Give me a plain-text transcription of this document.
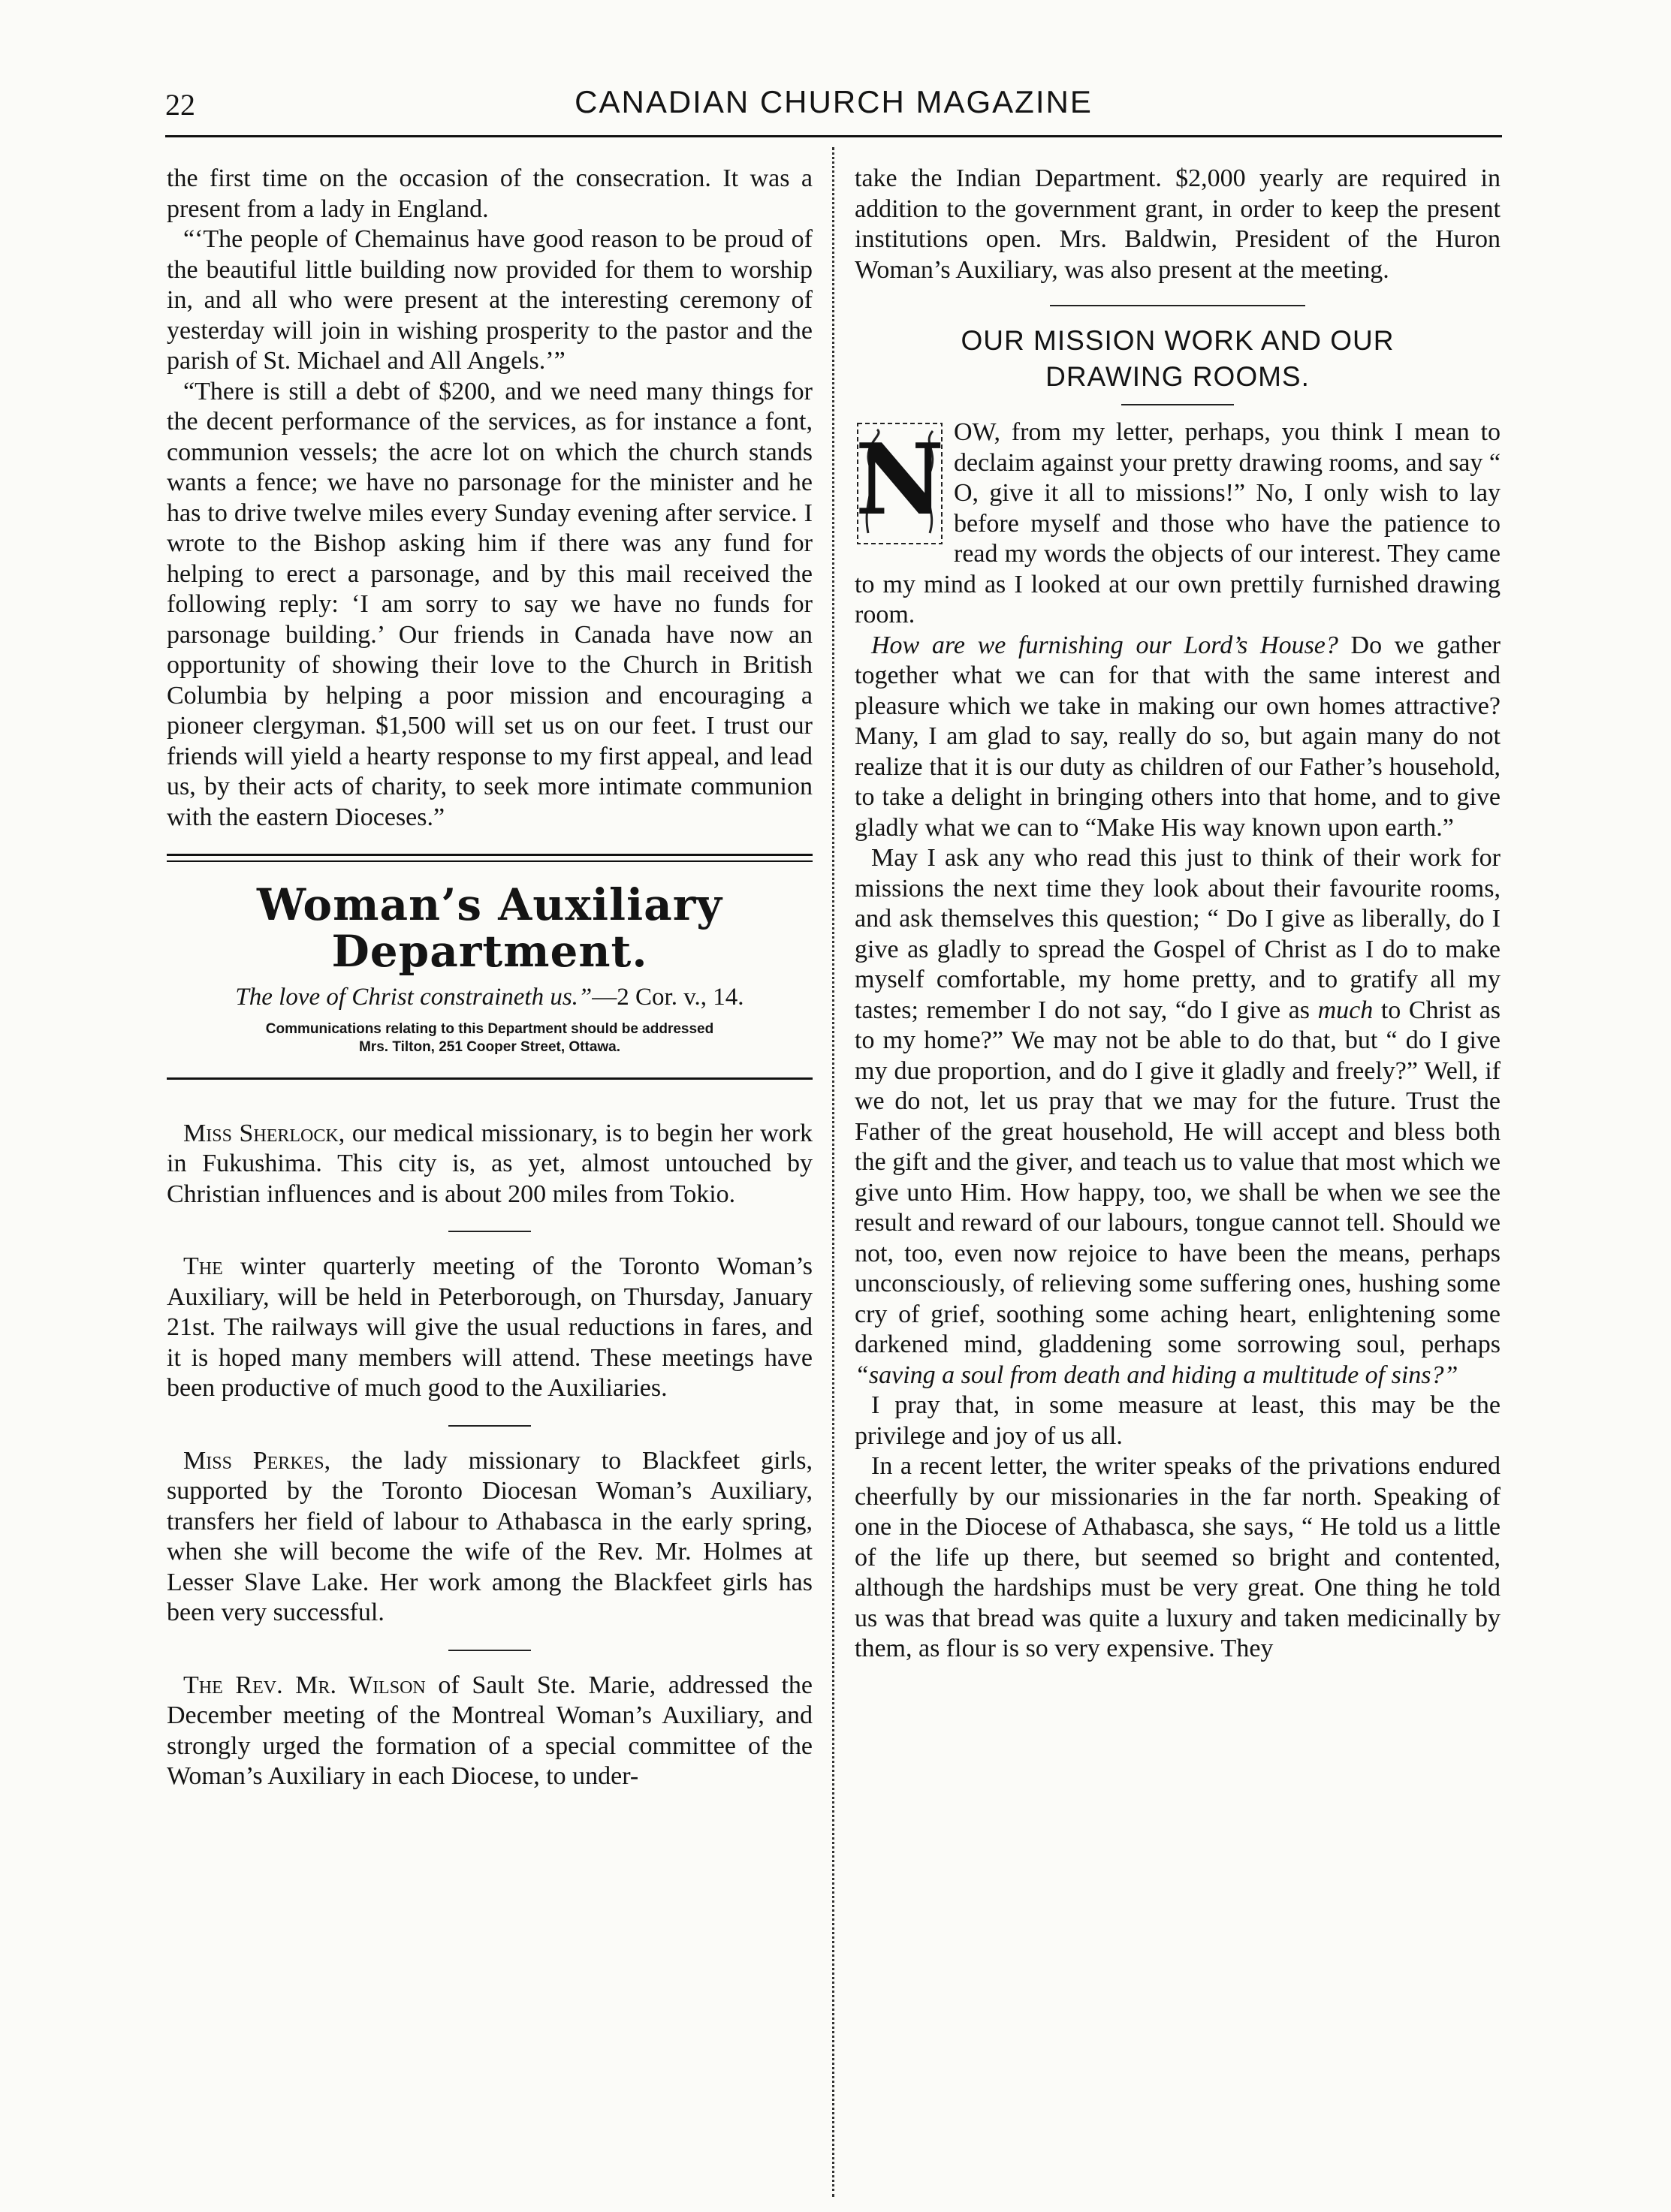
22	CANADIAN CHURCH MAGAZINE

the first time on the occasion of the consecration. It was a present from a lady in England.

“‘The people of Chemainus have good reason to be proud of the beautiful little building now provided for them to worship in, and all who were present at the interesting ceremony of yesterday will join in wishing prosperity to the pastor and the parish of St. Michael and All Angels.’”

“There is still a debt of $200, and we need many things for the decent performance of the services, as for instance a font, communion vessels; the acre lot on which the church stands wants a fence; we have no parsonage for the minister and he has to drive twelve miles every Sunday evening after service. I wrote to the Bishop asking him if there was any fund for helping to erect a parsonage, and by this mail received the following reply: ‘I am sorry to say we have no funds for parsonage building.’ Our friends in Canada have now an opportunity of showing their love to the Church in British Columbia by helping a poor mission and encouraging a pioneer clergyman. $1,500 will set us on our feet. I trust our friends will yield a hearty response to my first appeal, and lead us, by their acts of charity, to seek more intimate communion with the eastern Dioceses.”

Woman’s Auxiliary Department.
The love of Christ constraineth us.”—2 Cor. v., 14.
Communications relating to this Department should be addressed
Mrs. Tilton, 251 Cooper Street, Ottawa.

Miss Sherlock, our medical missionary, is to begin her work in Fukushima. This city is, as yet, almost untouched by Christian influences and is about 200 miles from Tokio.

The winter quarterly meeting of the Toronto Woman’s Auxiliary, will be held in Peterborough, on Thursday, January 21st. The railways will give the usual reductions in fares, and it is hoped many members will attend. These meetings have been productive of much good to the Auxiliaries.

Miss Perkes, the lady missionary to Blackfeet girls, supported by the Toronto Diocesan Woman’s Auxiliary, transfers her field of labour to Athabasca in the early spring, when she will become the wife of the Rev. Mr. Holmes at Lesser Slave Lake. Her work among the Blackfeet girls has been very successful.

The Rev. Mr. Wilson of Sault Ste. Marie, addressed the December meeting of the Montreal Woman’s Auxiliary, and strongly urged the formation of a special committee of the Woman’s Auxiliary in each Diocese, to under-

take the Indian Department. $2,000 yearly are required in addition to the government grant, in order to keep the present institutions open. Mrs. Baldwin, President of the Huron Woman’s Auxiliary, was also present at the meeting.

OUR MISSION WORK AND OUR
DRAWING ROOMS.

N OW, from my letter, perhaps, you think I mean to declaim against your pretty drawing rooms, and say “ O, give it all to missions!” No, I only wish to lay before myself and those who have the patience to read my words the objects of our interest. They came to my mind as I looked at our own prettily furnished drawing room.

How are we furnishing our Lord’s House? Do we gather together what we can for that with the same interest and pleasure which we take in making our own homes attractive? Many, I am glad to say, really do so, but again many do not realize that it is our duty as children of our Father’s household, to take a delight in bringing others into that home, and to give gladly what we can to “Make His way known upon earth.”

May I ask any who read this just to think of their work for missions the next time they look about their favourite rooms, and ask themselves this question; “ Do I give as liberally, do I give as gladly to spread the Gospel of Christ as I do to make myself comfortable, my home pretty, and to gratify all my tastes; remember I do not say, “do I give as much to Christ as to my home?” We may not be able to do that, but “ do I give my due proportion, and do I give it gladly and freely?” Well, if we do not, let us pray that we may for the future. Trust the Father of the great household, He will accept and bless both the gift and the giver, and teach us to value that most which we give unto Him. How happy, too, we shall be when we see the result and reward of our labours, tongue cannot tell. Should we not, too, even now rejoice to have been the means, perhaps unconsciously, of relieving some suffering ones, hushing some cry of grief, soothing some aching heart, enlightening some darkened mind, gladdening some sorrowing soul, perhaps “saving a soul from death and hiding a multitude of sins?”

I pray that, in some measure at least, this may be the privilege and joy of us all.

In a recent letter, the writer speaks of the privations endured cheerfully by our missionaries in the far north. Speaking of one in the Diocese of Athabasca, she says, “ He told us a little of the life up there, but seemed so bright and contented, although the hardships must be very great. One thing he told us was that bread was quite a luxury and taken medicinally by them, as flour is so very expensive. They
